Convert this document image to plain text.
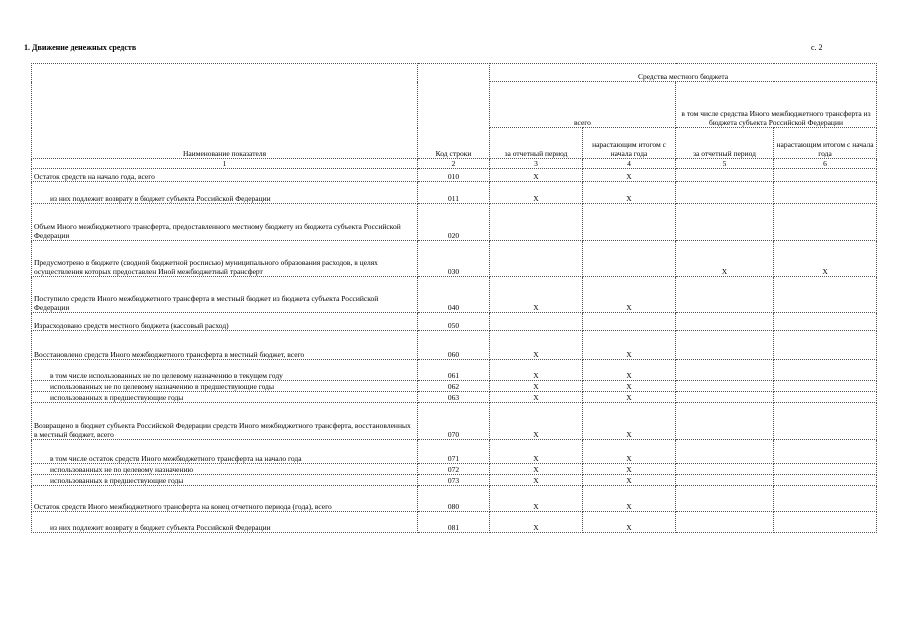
1. Движение денежных средств	с. 2
Наименование показателя	Код строки	Средства местного бюджета			
		всего		в том числе средства Иного межбюджетного трансферта из бюджета субъекта Российской Федерации	
		за отчетный период	нарастающим итогом с начала года	за отчетный период	нарастающим итогом с начала года
1	2	3	4	5	6
Остаток средств на начало года, всего	010	X	X		
из них подлежит возврату в бюджет субъекта Российской Федерации	011	X	X		
Объем Иного межбюджетного трансферта, предоставленного местному бюджету из бюджета субъекта Российской Федерации	020				
Предусмотрено в бюджете (сводной бюджетной росписью) муниципального образования расходов, в целях осуществления которых предоставлен Иной межбюджетный трансферт	030			X	X
Поступило средств Иного межбюджетного трансферта в местный бюджет из бюджета субъекта Российской Федерации	040	X	X		
Израсходовано средств местного бюджета (кассовый расход)	050				
Восстановлено средств Иного межбюджетного трансферта в местный бюджет, всего	060	X	X		
в том числе использованных не по целевому назначению в текущем году	061	X	X		
использованных не по целевому назначению в предшествующие годы	062	X	X		
использованных в предшествующие годы	063	X	X		
Возвращено в бюджет субъекта Российской Федерации средств Иного межбюджетного трансферта, восстановленных в местный бюджет, всего	070	X	X		
в том числе остаток средств Иного межбюджетного трансферта на начало года	071	X	X		
использованных не по целевому назначению	072	X	X		
использованных в предшествующие годы	073	X	X		
Остаток средств Иного межбюджетного трансферта на конец отчетного периода (года), всего	080	X	X		
из них подлежит возврату в бюджет субъекта Российской Федерации	081	X	X		
